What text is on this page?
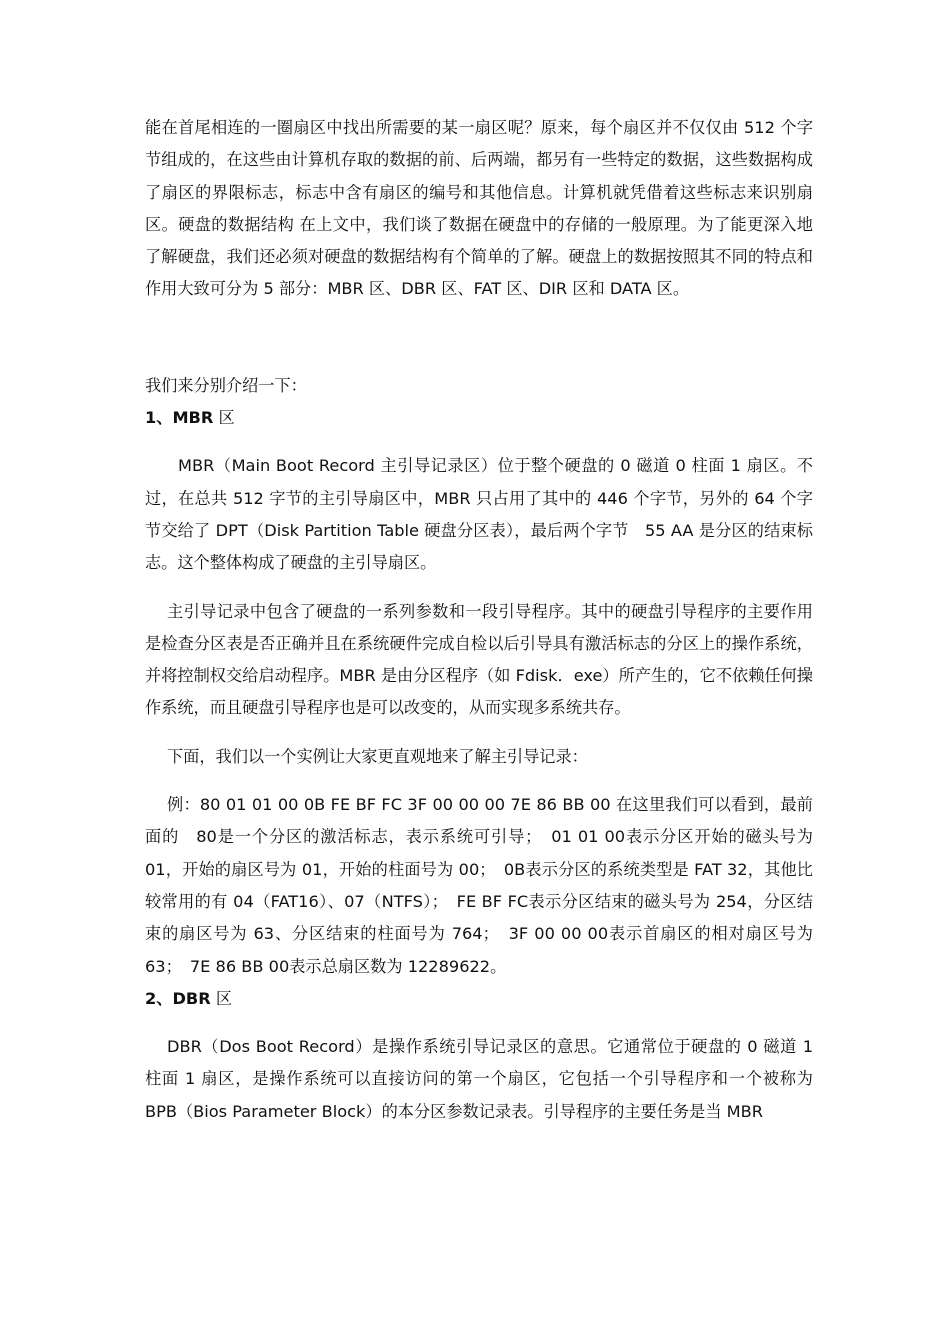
能在首尾相连的一圈扇区中找出所需要的某一扇区呢？原来，每个扇区并不仅仅由 512 个字节组成的，在这些由计算机存取的数据的前、后两端，都另有一些特定的数据，这些数据构成了扇区的界限标志，标志中含有扇区的编号和其他信息。计算机就凭借着这些标志来识别扇区。硬盘的数据结构 在上文中，我们谈了数据在硬盘中的存储的一般原理。为了能更深入地了解硬盘，我们还必须对硬盘的数据结构有个简单的了解。硬盘上的数据按照其不同的特点和作用大致可分为 5 部分：MBR 区、DBR 区、FAT 区、DIR 区和 DATA 区。

我们来分别介绍一下：

1、MBR 区

MBR（Main Boot Record 主引导记录区）位于整个硬盘的 0 磁道 0 柱面 1 扇区。不过，在总共 512 字节的主引导扇区中，MBR 只占用了其中的 446 个字节，另外的 64 个字节交给了 DPT（Disk Partition Table 硬盘分区表），最后两个字节　55 AA 是分区的结束标志。这个整体构成了硬盘的主引导扇区。

主引导记录中包含了硬盘的一系列参数和一段引导程序。其中的硬盘引导程序的主要作用是检查分区表是否正确并且在系统硬件完成自检以后引导具有激活标志的分区上的操作系统，并将控制权交给启动程序。MBR 是由分区程序（如 Fdisk．exe）所产生的，它不依赖任何操作系统，而且硬盘引导程序也是可以改变的，从而实现多系统共存。

下面，我们以一个实例让大家更直观地来了解主引导记录：

例：80 01 01 00 0B FE BF FC 3F 00 00 00 7E 86 BB 00 在这里我们可以看到，最前面的　80是一个分区的激活标志，表示系统可引导；　01 01 00表示分区开始的磁头号为 01，开始的扇区号为 01，开始的柱面号为 00；　0B表示分区的系统类型是 FAT 32，其他比较常用的有 04（FAT16）、07（NTFS）；　FE BF FC表示分区结束的磁头号为 254，分区结束的扇区号为 63、分区结束的柱面号为 764；　3F 00 00 00表示首扇区的相对扇区号为 63；　7E 86 BB 00表示总扇区数为 12289622。

2、DBR 区

DBR（Dos Boot Record）是操作系统引导记录区的意思。它通常位于硬盘的 0 磁道 1 柱面 1 扇区，是操作系统可以直接访问的第一个扇区，它包括一个引导程序和一个被称为 BPB（Bios Parameter Block）的本分区参数记录表。引导程序的主要任务是当 MBR
